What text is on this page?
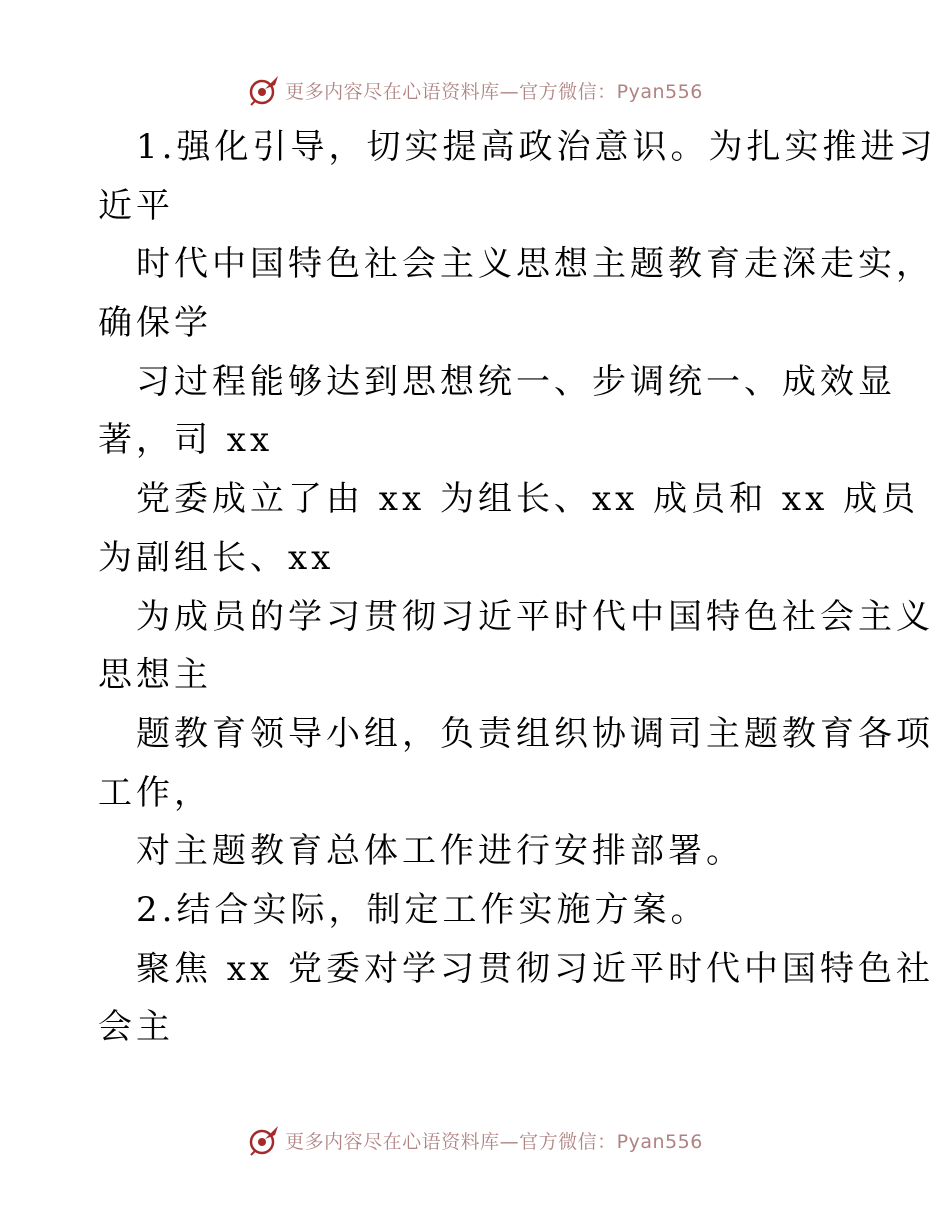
更多内容尽在心语资料库—官方微信：Pyan556
1.强化引导，切实提高政治意识。为扎实推进习
近平
时代中国特色社会主义思想主题教育走深走实，
确保学
习过程能够达到思想统一、步调统一、成效显
著，司 xx
党委成立了由 xx 为组长、xx 成员和 xx 成员
为副组长、xx
为成员的学习贯彻习近平时代中国特色社会主义
思想主
题教育领导小组，负责组织协调司主题教育各项
工作，
对主题教育总体工作进行安排部署。
2.结合实际，制定工作实施方案。
聚焦 xx 党委对学习贯彻习近平时代中国特色社
会主
更多内容尽在心语资料库—官方微信：Pyan556
